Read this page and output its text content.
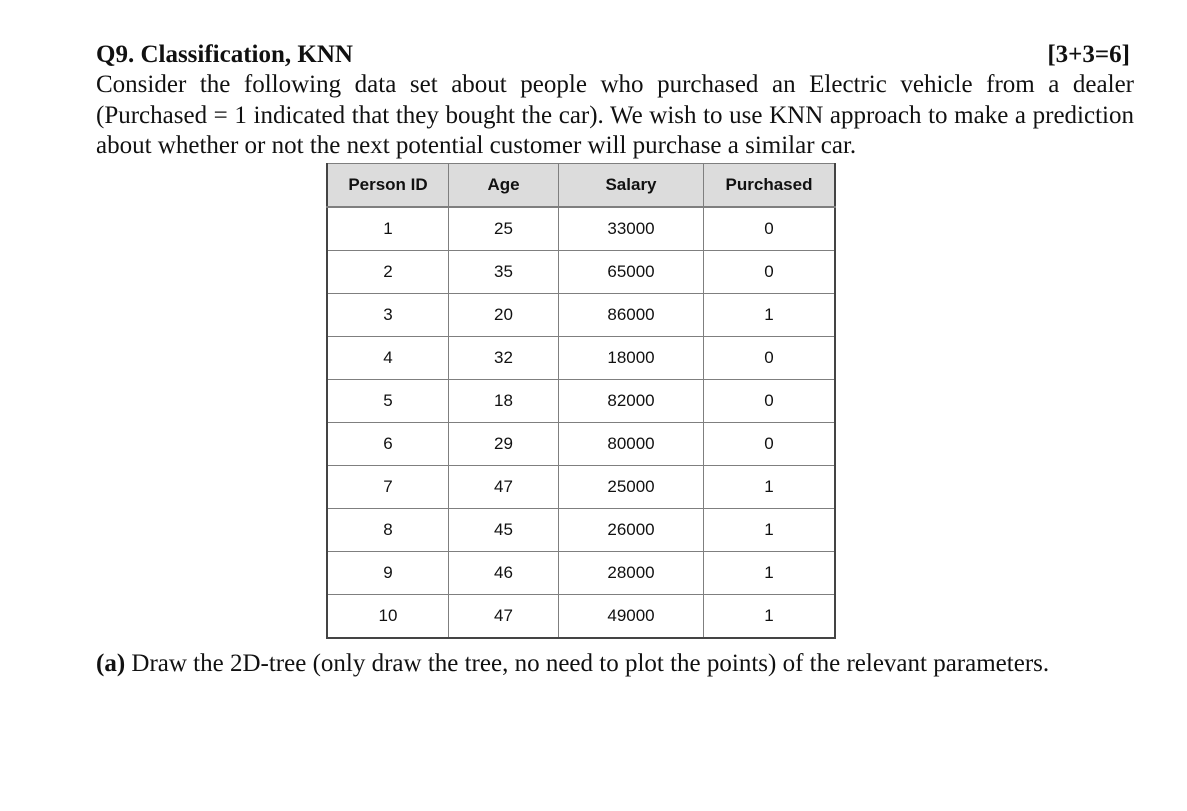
Q9. Classification, KNN	[3+3=6]

Consider the following data set about people who purchased an Electric vehicle from a dealer (Purchased = 1 indicated that they bought the car). We wish to use KNN approach to make a prediction about whether or not the next potential customer will purchase a similar car.

Person ID	Age	Salary	Purchased
1	25	33000	0
2	35	65000	0
3	20	86000	1
4	32	18000	0
5	18	82000	0
6	29	80000	0
7	47	25000	1
8	45	26000	1
9	46	28000	1
10	47	49000	1
(a) Draw the 2D-tree (only draw the tree, no need to plot the points) of the relevant parameters.
